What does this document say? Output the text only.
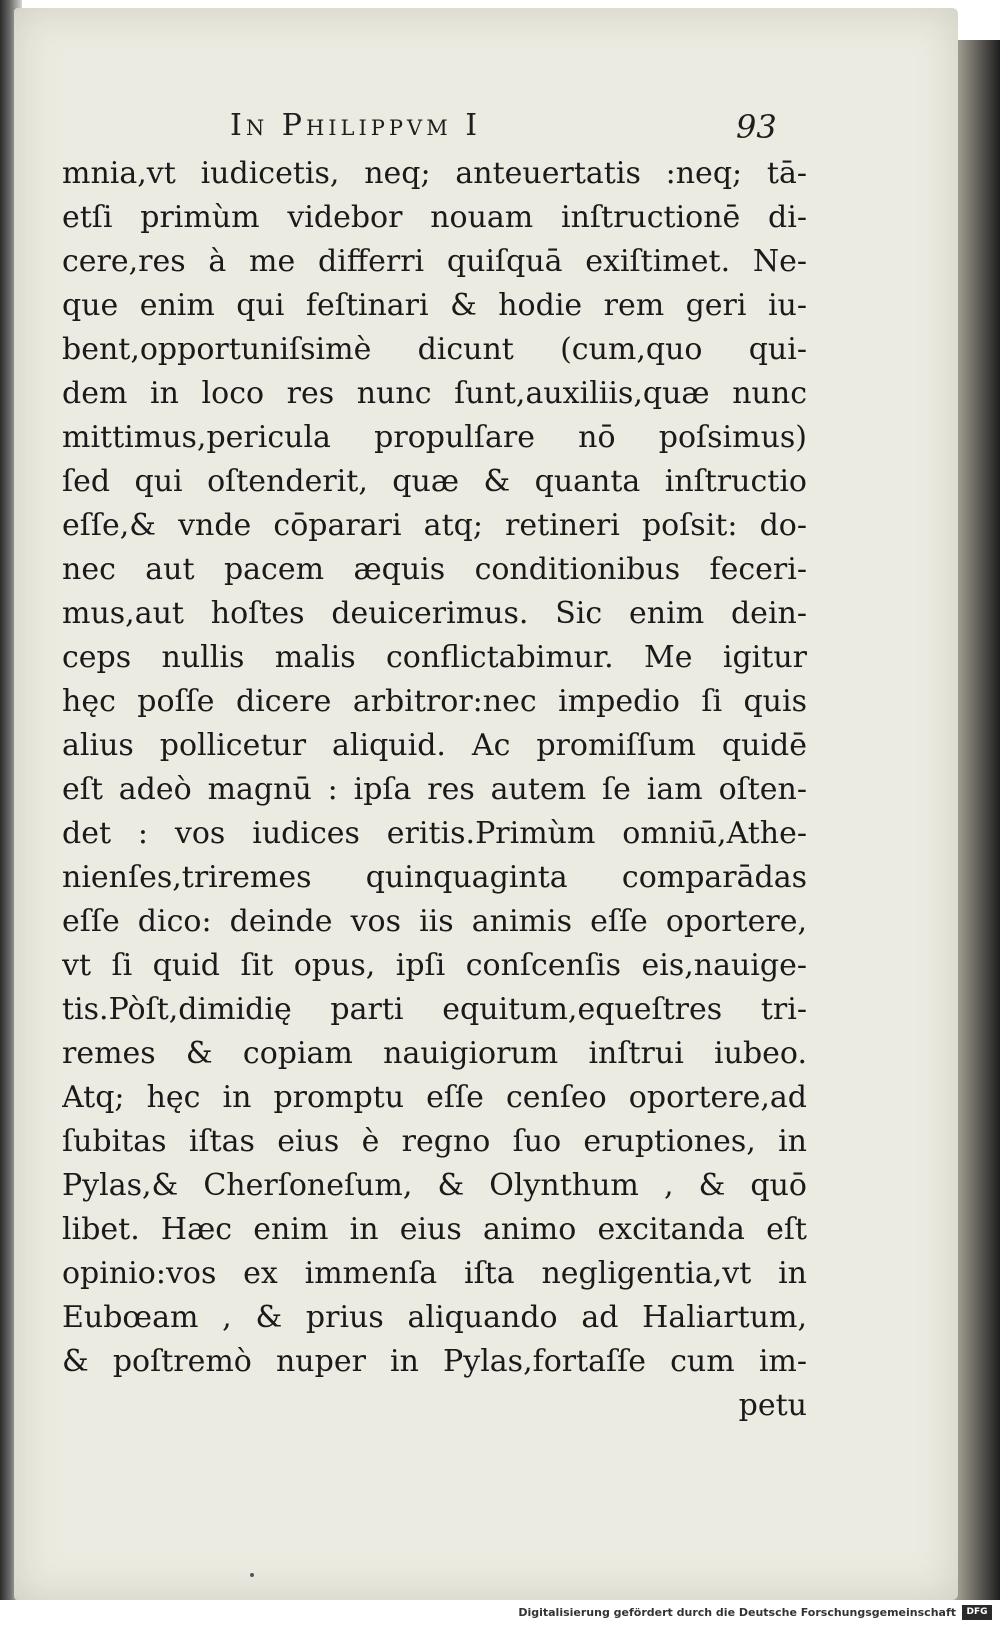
In Philippvm I	93
mnia,vt iudicetis, neq; anteuertatis :neq; tā-
etſi primùm videbor nouam inſtructionē di-
cere,res à me differri quiſquā exiſtimet. Ne-
que enim qui feſtinari & hodie rem geri iu-
bent,opportuniſsimè dicunt (cum,quo qui-
dem in loco res nunc ſunt,auxiliis,quæ nunc
mittimus,pericula propulſare nō poſsimus)
ſed qui oſtenderit, quæ & quanta inſtructio
eſſe,& vnde cōparari atq; retineri poſsit: do-
nec aut pacem æquis conditionibus feceri-
mus,aut hoſtes deuicerimus. Sic enim dein-
ceps nullis malis conflictabimur. Me igitur
hęc poſſe dicere arbitror:nec impedio ſi quis
alius pollicetur aliquid. Ac promiſſum quidē
eſt adeò magnū : ipſa res autem ſe iam oſten-
det : vos iudices eritis.Primùm omniū,Athe-
nienſes,triremes quinquaginta comparādas
eſſe dico: deinde vos iis animis eſſe oportere,
vt ſi quid ſit opus, ipſi conſcenſis eis,nauige-
tis.Pòſt,dimidię parti equitum,equeſtres tri-
remes & copiam nauigiorum inſtrui iubeo.
Atq; hęc in promptu eſſe cenſeo oportere,ad
ſubitas iſtas eius è regno ſuo eruptiones, in
Pylas,& Cherſoneſum, & Olynthum , & quō
libet. Hæc enim in eius animo excitanda eſt
opinio:vos ex immenſa iſta negligentia,vt in
Eubœam , & prius aliquando ad Haliartum,
& poſtremò nuper in Pylas,fortaſſe cum im-
petu
Digitalisierung gefördert durch die Deutsche Forschungsgemeinschaft	DFG
